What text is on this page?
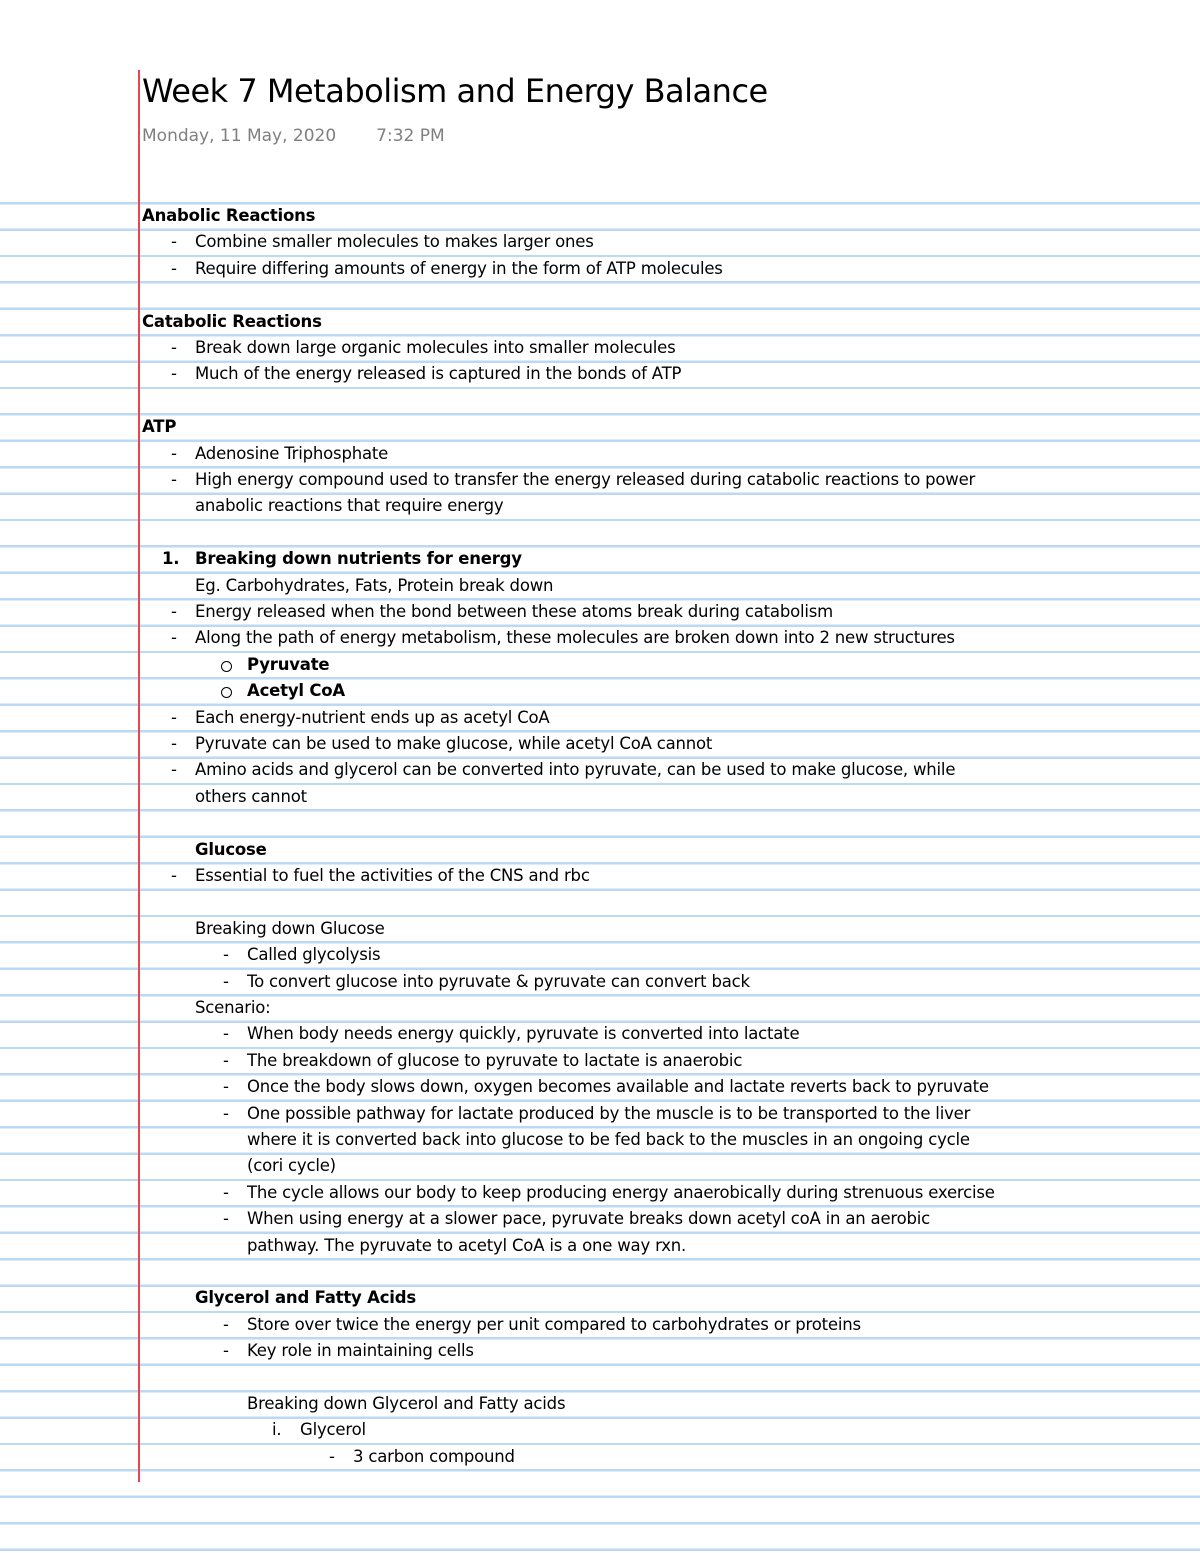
Week 7 Metabolism and Energy Balance
Monday, 11 May, 2020 7:32 PM
Anabolic Reactions
-	Combine smaller molecules to makes larger ones
-	Require differing amounts of energy in the form of ATP molecules
Catabolic Reactions
-	Break down large organic molecules into smaller molecules
-	Much of the energy released is captured in the bonds of ATP
ATP
-	Adenosine Triphosphate
-	High energy compound used to transfer the energy released during catabolic reactions to power
anabolic reactions that require energy
1. Breaking down nutrients for energy
Eg. Carbohydrates, Fats, Protein break down
-	Energy released when the bond between these atoms break during catabolism
-	Along the path of energy metabolism, these molecules are broken down into 2 new structures
Pyruvate
Acetyl CoA
-	Each energy-nutrient ends up as acetyl CoA
-	Pyruvate can be used to make glucose, while acetyl CoA cannot
-	Amino acids and glycerol can be converted into pyruvate, can be used to make glucose, while
others cannot
Glucose
-	Essential to fuel the activities of the CNS and rbc
Breaking down Glucose
-	Called glycolysis
-	To convert glucose into pyruvate & pyruvate can convert back
Scenario:
-	When body needs energy quickly, pyruvate is converted into lactate
-	The breakdown of glucose to pyruvate to lactate is anaerobic
-	Once the body slows down, oxygen becomes available and lactate reverts back to pyruvate
-	One possible pathway for lactate produced by the muscle is to be transported to the liver
where it is converted back into glucose to be fed back to the muscles in an ongoing cycle
(cori cycle)
-	The cycle allows our body to keep producing energy anaerobically during strenuous exercise
-	When using energy at a slower pace, pyruvate breaks down acetyl coA in an aerobic
pathway. The pyruvate to acetyl CoA is a one way rxn.
Glycerol and Fatty Acids
-	Store over twice the energy per unit compared to carbohydrates or proteins
-	Key role in maintaining cells
Breaking down Glycerol and Fatty acids
i.	Glycerol
-	3 carbon compound
